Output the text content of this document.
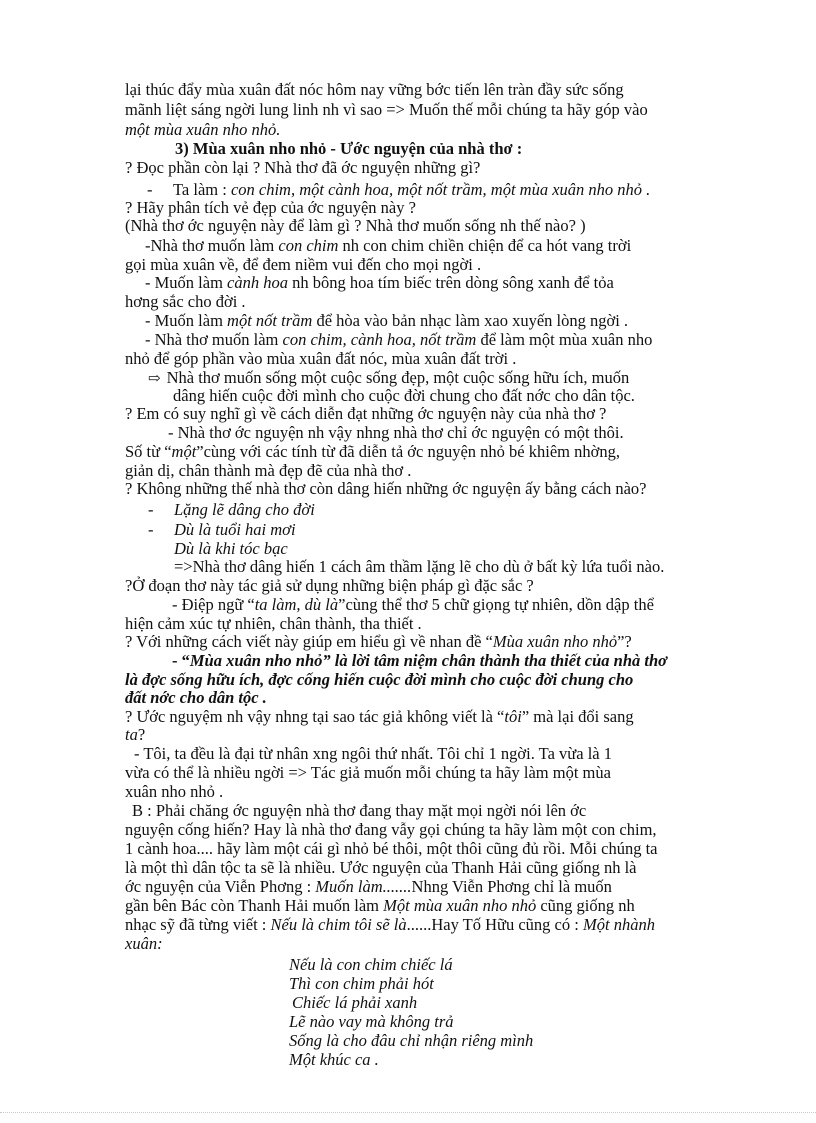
lại thúc đẩy mùa xuân đất nóc hôm nay vững bớc tiến lên tràn đầy sức sống
mãnh liệt sáng ngời lung linh nh vì sao => Muốn thế mỗi chúng ta hãy góp vào
một mùa xuân nho nhỏ.
3) Mùa xuân nho nhỏ - Ước nguyện của nhà thơ :
? Đọc phần còn lại ? Nhà thơ đã ớc nguyện những gì?
- Ta làm : con chim, một cành hoa, một nốt trầm, một mùa xuân nho nhỏ .
? Hãy phân tích vẻ đẹp của ớc nguyện này ?
(Nhà thơ ớc nguyện này để làm gì ? Nhà thơ muốn sống nh thế nào? )
-Nhà thơ muốn làm con chim nh con chim chiền chiện để ca hót vang trời
gọi mùa xuân về, để đem niềm vui đến cho mọi ngời .
- Muốn làm cành hoa nh bông hoa tím biếc trên dòng sông xanh để tỏa
hơng sắc cho đời .
- Muốn làm một nốt trầm để hòa vào bản nhạc làm xao xuyến lòng ngời .
- Nhà thơ muốn làm con chim, cành hoa, nốt trầm để làm một mùa xuân nho
nhỏ để góp phần vào mùa xuân đất nóc, mùa xuân đất trời .
⇨ Nhà thơ muốn sống một cuộc sống đẹp, một cuộc sống hữu ích, muốn
dâng hiến cuộc đời mình cho cuộc đời chung cho đất nớc cho dân tộc.
? Em có suy nghĩ gì về cách diễn đạt những ớc nguyện này của nhà thơ ?
- Nhà thơ ớc nguyện nh vậy nhng nhà thơ chỉ ớc nguyện có một thôi.
Số từ “một”cùng với các tính từ đã diễn tả ớc nguyện nhỏ bé khiêm nhờng,
giản dị, chân thành mà đẹp đẽ của nhà thơ .
? Không những thế nhà thơ còn dâng hiến những ớc nguyện ấy bằng cách nào?
- Lặng lẽ dâng cho đời
- Dù là tuổi hai mơi
Dù là khi tóc bạc
=>Nhà thơ dâng hiến 1 cách âm thầm lặng lẽ cho dù ở bất kỳ lứa tuổi nào.
?Ở đoạn thơ này tác giả sử dụng những biện pháp gì đặc sắc ?
- Điệp ngữ “ta làm, dù là”cùng thể thơ 5 chữ giọng tự nhiên, dồn dập thể
hiện cảm xúc tự nhiên, chân thành, tha thiết .
? Với những cách viết này giúp em hiểu gì về nhan đề “Mùa xuân nho nhỏ”?
- “Mùa xuân nho nhỏ” là lời tâm niệm chân thành tha thiết của nhà thơ
là đợc sống hữu ích, đợc cống hiến cuộc đời mình cho cuộc đời chung cho
đất nớc cho dân tộc .
? Ước nguyệm nh vậy nhng tại sao tác giả không viết là “tôi” mà lại đổi sang
ta?
- Tôi, ta đều là đại từ nhân xng ngôi thứ nhất. Tôi chỉ 1 ngời. Ta vừa là 1
vừa có thể là nhiều ngời => Tác giả muốn mỗi chúng ta hãy làm một mùa
xuân nho nhỏ .
B : Phải chăng ớc nguyện nhà thơ đang thay mặt mọi ngời nói lên ớc
nguyện cống hiến? Hay là nhà thơ đang vẫy gọi chúng ta hãy làm một con chim,
1 cành hoa.... hãy làm một cái gì nhỏ bé thôi, một thôi cũng đủ rồi. Mỗi chúng ta
là một thì dân tộc ta sẽ là nhiều. Ước nguyện của Thanh Hải cũng giống nh là
ớc nguyện của Viễn Phơng : Muốn làm.......Nhng Viễn Phơng chỉ là muốn
gần bên Bác còn Thanh Hải muốn làm Một mùa xuân nho nhỏ cũng giống nh
nhạc sỹ đã từng viết : Nếu là chim tôi sẽ là......Hay Tố Hữu cũng có : Một nhành
xuân:
Nếu là con chim chiếc lá
Thì con chim phải hót
Chiếc lá phải xanh
Lẽ nào vay mà không trả
Sống là cho đâu chỉ nhận riêng mình
Một khúc ca .
